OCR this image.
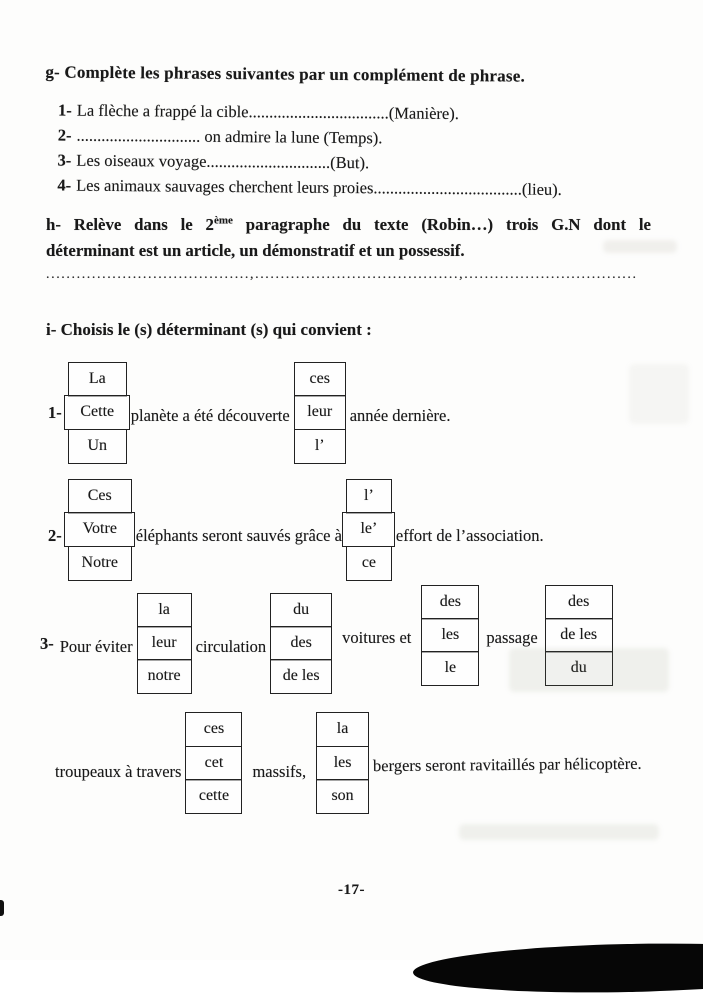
g- Complète les phrases suivantes par un complément de phrase.
1- La flèche a frappé la cible..................................(Manière).
2- .............................. on admire la lune (Temps).
3- Les oiseaux voyage..............................(But).
4- Les animaux sauvages cherchent leurs proies....................................(lieu).
h- Relève dans le 2ème paragraphe du texte (Robin…) trois G.N dont le
déterminant est un article, un démonstratif et un possessif.
........................................,........................................,..................................
i- Choisis le (s) déterminant (s) qui convient :
1-
La
Cette
Un
planète a été découverte
ces
leur
l’
année dernière.
2-
Ces
Votre
Notre
éléphants seront sauvés grâce à
l’
le’
ce
effort de l’association.
3- Pour éviter
la
leur
notre
circulation
du
des
de les
voitures et
des
les
le
passage
des
de les
du
troupeaux à travers
ces
cet
cette
massifs,
la
les
son
bergers seront ravitaillés par hélicoptère.
-17-
